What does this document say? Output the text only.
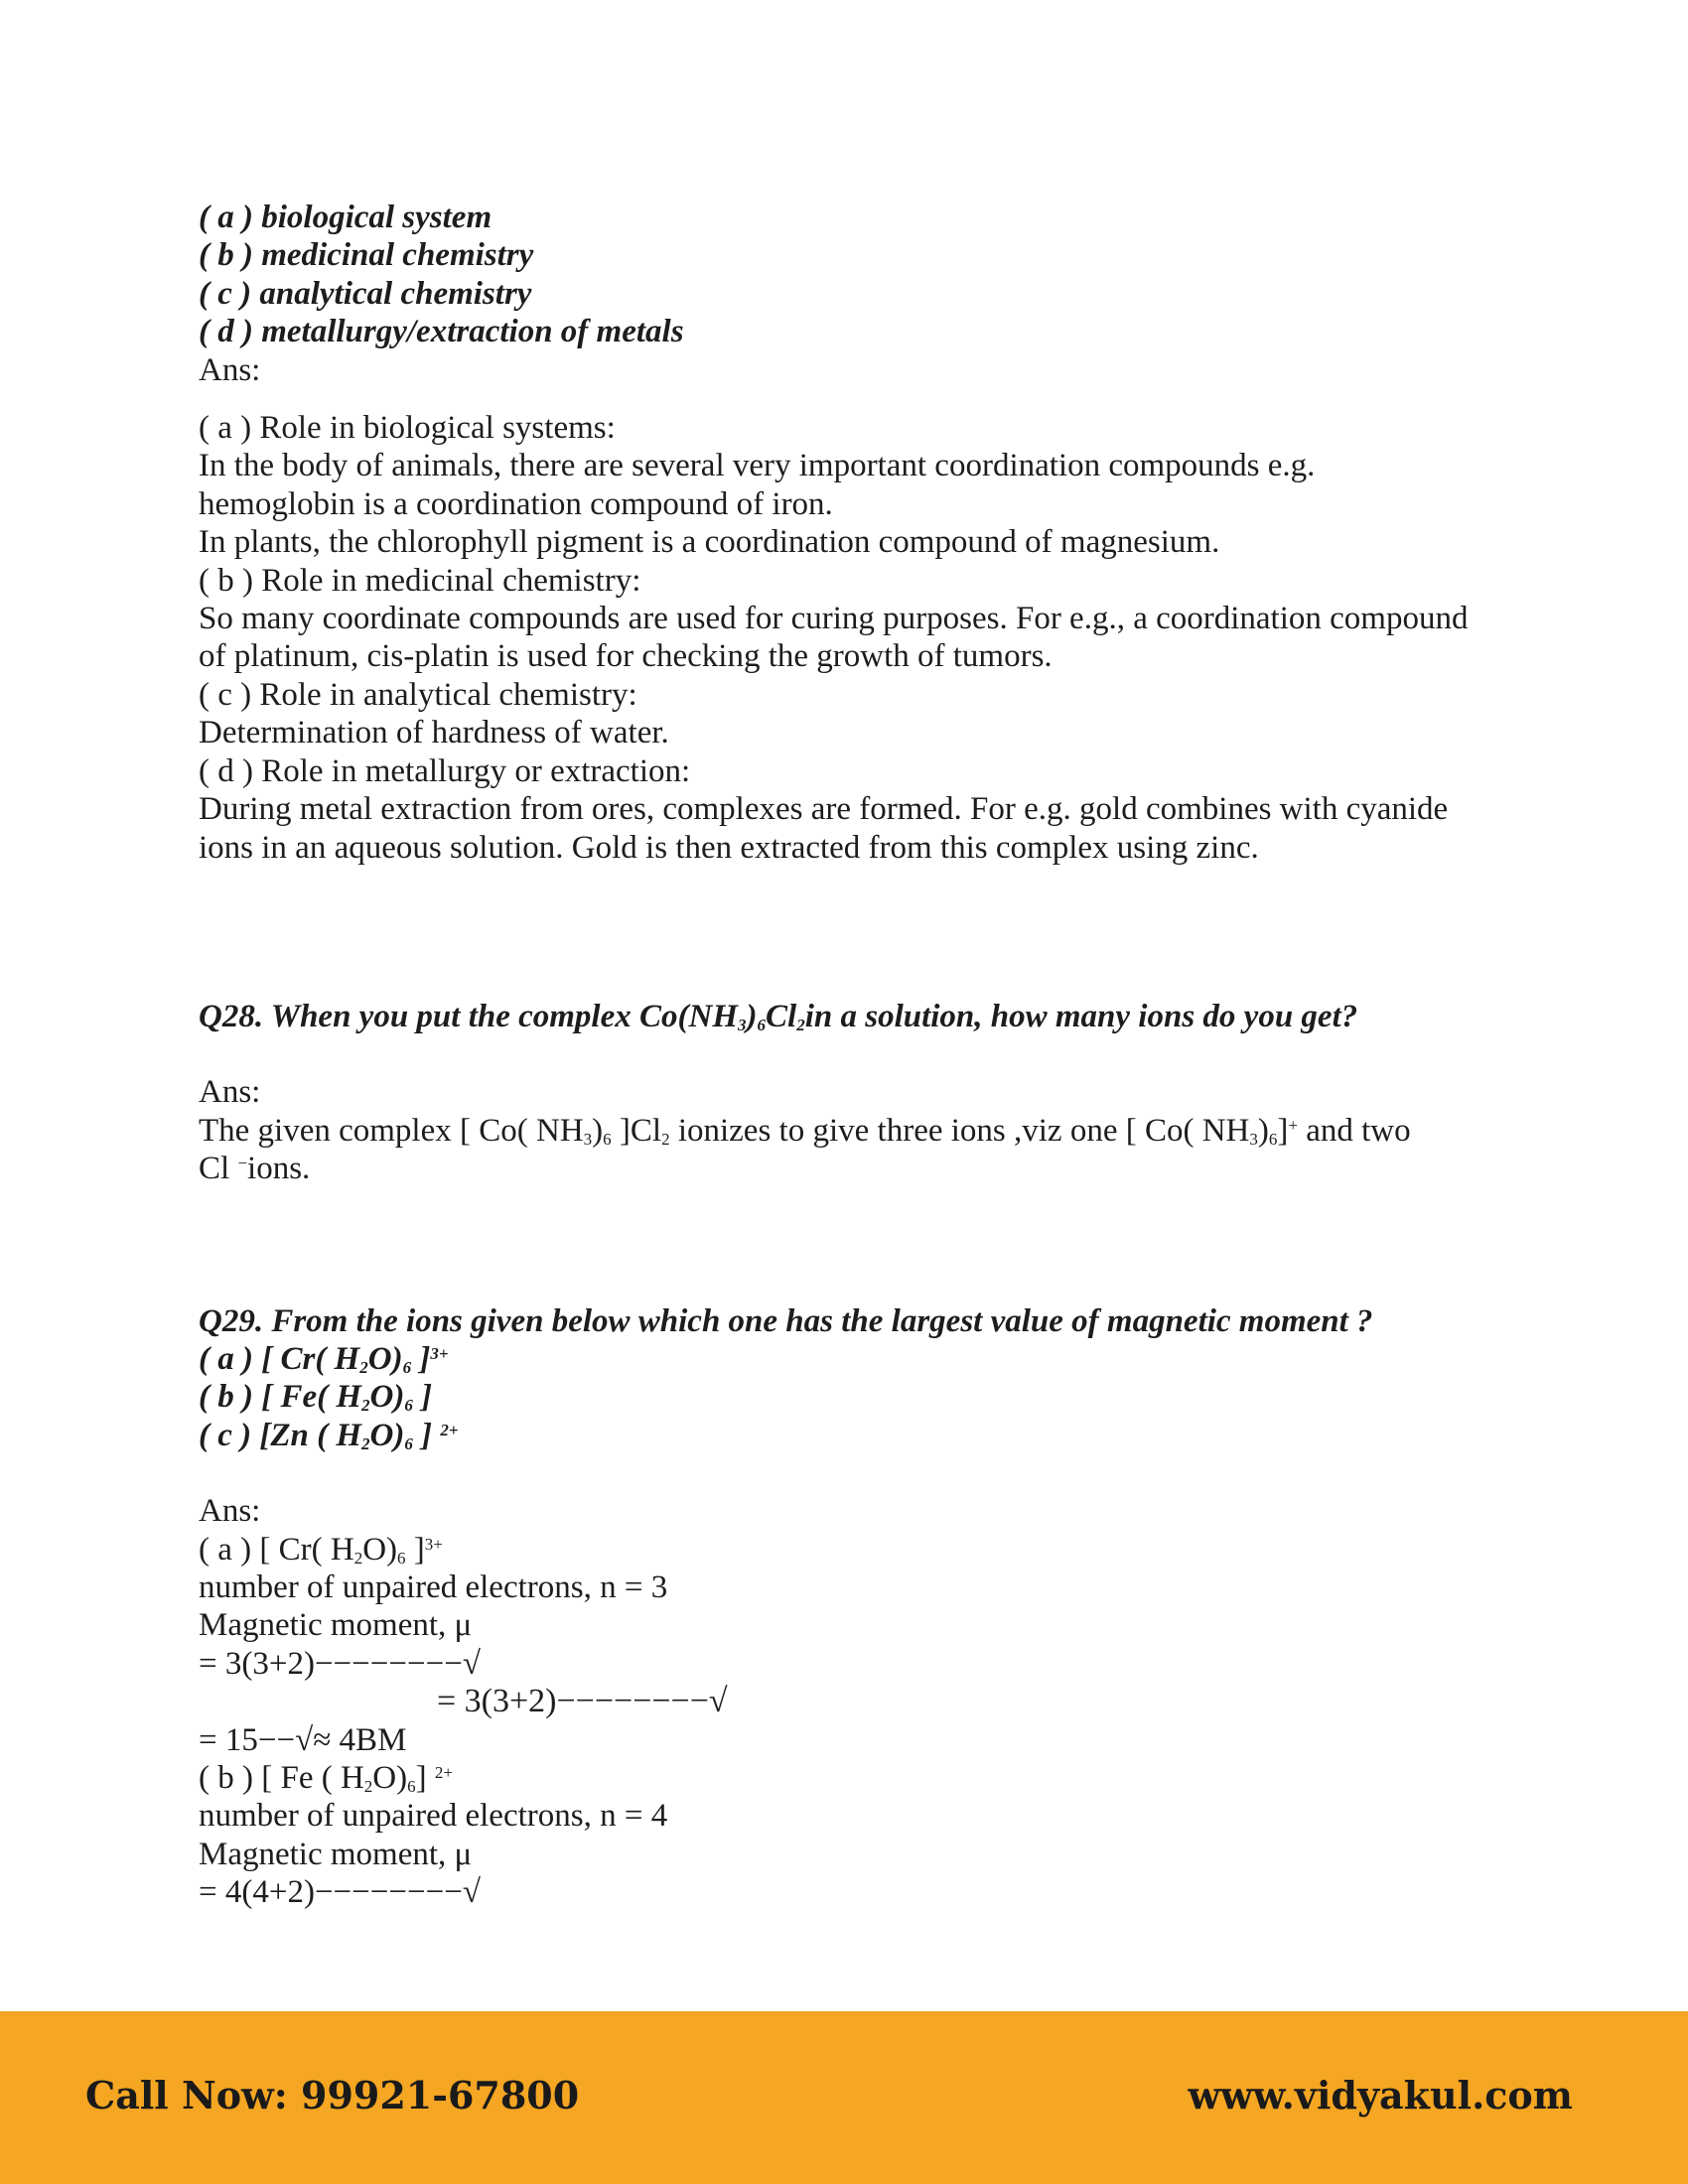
( a ) biological system
( b ) medicinal chemistry
( c ) analytical chemistry
( d ) metallurgy/extraction of metals
Ans:
( a ) Role in biological systems:
In the body of animals, there are several very important coordination compounds e.g.
hemoglobin is a coordination compound of iron.
In plants, the chlorophyll pigment is a coordination compound of magnesium.
( b ) Role in medicinal chemistry:
So many coordinate compounds are used for curing purposes. For e.g., a coordination compound
of platinum, cis-platin is used for checking the growth of tumors.
( c ) Role in analytical chemistry:
Determination of hardness of water.
( d ) Role in metallurgy or extraction:
During metal extraction from ores, complexes are formed. For e.g. gold combines with cyanide
ions in an aqueous solution. Gold is then extracted from this complex using zinc.
Q28. When you put the complex $Co(NH_3)_6Cl_2in$ a solution, how many ions do you get?
Ans:
The given complex [ Co( $NH_3)_6$ ]$Cl_2$ ionizes to give three ions ,viz one [ Co( $NH_3)_6]^+$ and two
Cl −ions.
Q29. From the ions given below which one has the largest value of magnetic moment ?
( a ) [ Cr( $H_2O)_6$ ]$^{3+}$
( b ) [ Fe( $H_2O)_6$ ]
( c ) [Zn ( $H_2O)_6$ ] $^{2+}$
Ans:
( a ) [ Cr( $H_2O)_6$ ]$^{3+}$
number of unpaired electrons, n = 3
Magnetic moment, μ
= 3(3+2)−−−−−−−−√
= 3(3+2)−−−−−−−−√
= 15−−√≈ 4BM
( b ) [ Fe ( $H_2O)_6$] $^{2+}$
number of unpaired electrons, n = 4
Magnetic moment, μ
= 4(4+2)−−−−−−−−√
Call Now: 99921-67800	www.vidyakul.com
